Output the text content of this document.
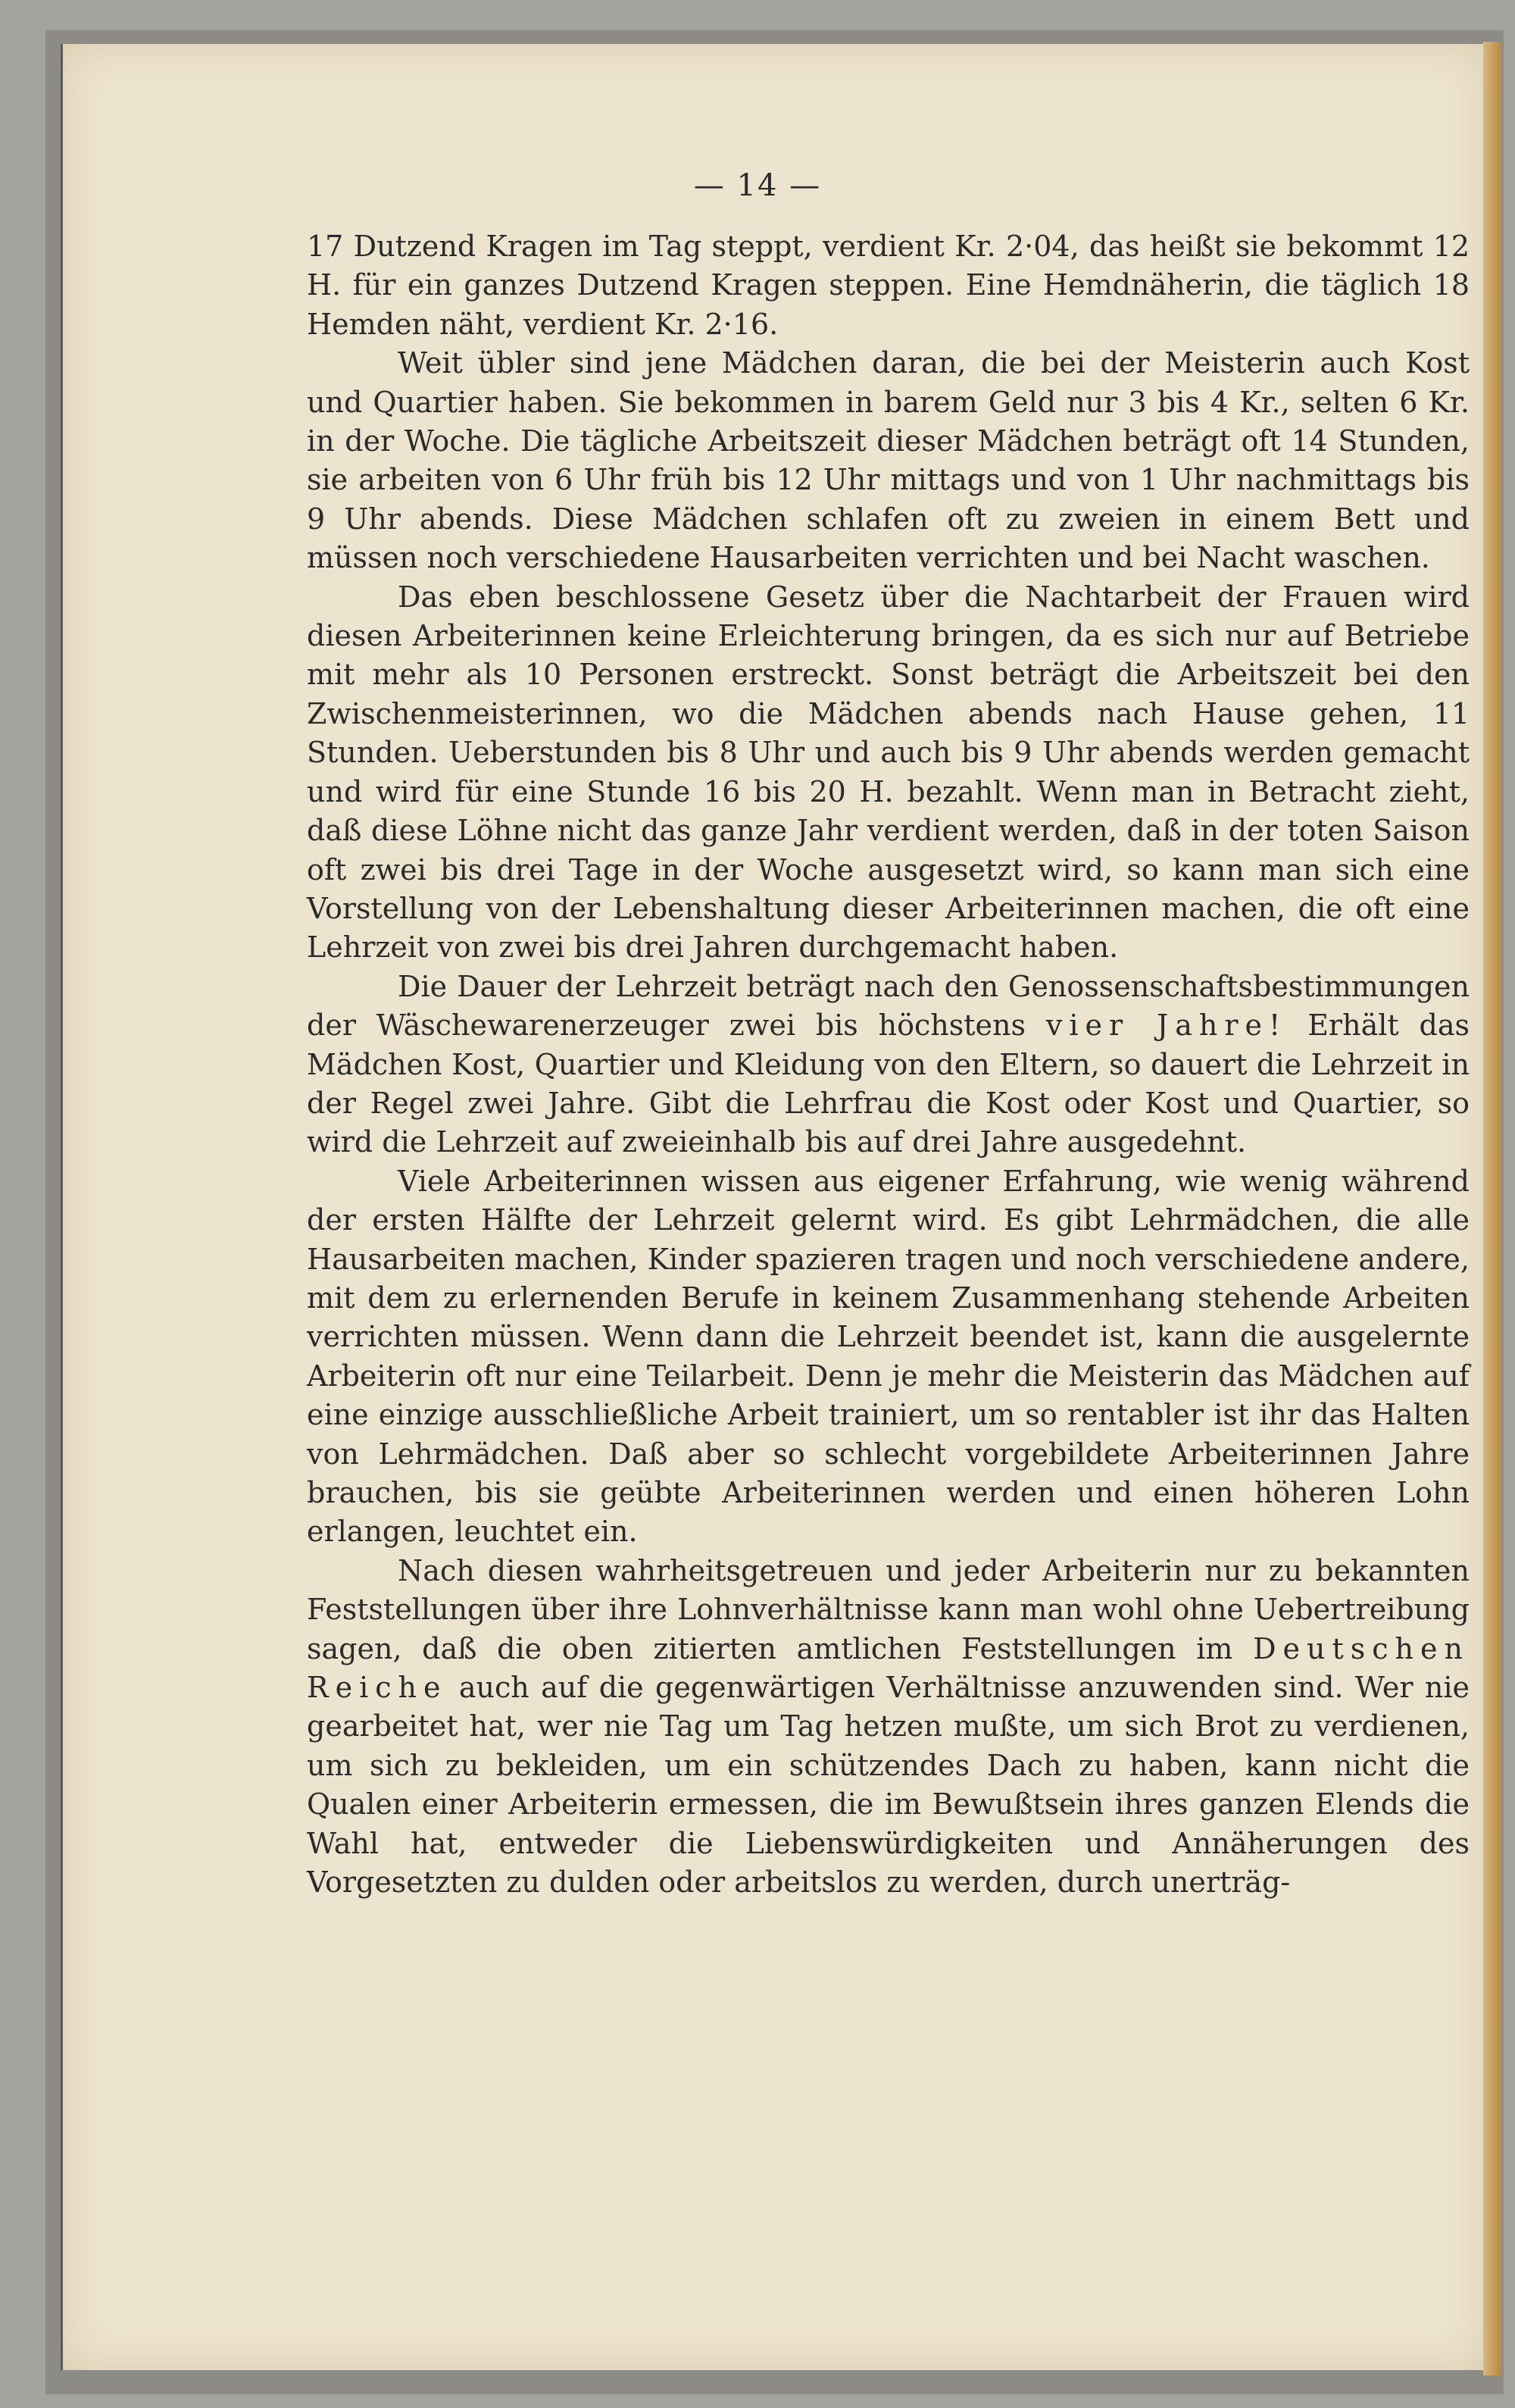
— 14 —

17 Dutzend Kragen im Tag steppt, verdient Kr. 2·04, das heißt sie bekommt 12 H. für ein ganzes Dutzend Kragen steppen. Eine Hemdnäherin, die täglich 18 Hemden näht, verdient Kr. 2·16.

Weit übler sind jene Mädchen daran, die bei der Meisterin auch Kost und Quartier haben. Sie bekommen in barem Geld nur 3 bis 4 Kr., selten 6 Kr. in der Woche. Die tägliche Arbeitszeit dieser Mädchen beträgt oft 14 Stunden, sie arbeiten von 6 Uhr früh bis 12 Uhr mittags und von 1 Uhr nachmittags bis 9 Uhr abends. Diese Mädchen schlafen oft zu zweien in einem Bett und müssen noch verschiedene Hausarbeiten verrichten und bei Nacht waschen.

Das eben beschlossene Gesetz über die Nachtarbeit der Frauen wird diesen Arbeiterinnen keine Erleichterung bringen, da es sich nur auf Betriebe mit mehr als 10 Personen erstreckt. Sonst beträgt die Arbeitszeit bei den Zwischenmeisterinnen, wo die Mädchen abends nach Hause gehen, 11 Stunden. Ueberstunden bis 8 Uhr und auch bis 9 Uhr abends werden gemacht und wird für eine Stunde 16 bis 20 H. bezahlt. Wenn man in Betracht zieht, daß diese Löhne nicht das ganze Jahr verdient werden, daß in der toten Saison oft zwei bis drei Tage in der Woche ausgesetzt wird, so kann man sich eine Vorstellung von der Lebenshaltung dieser Arbeiterinnen machen, die oft eine Lehrzeit von zwei bis drei Jahren durchgemacht haben.

Die Dauer der Lehrzeit beträgt nach den Genossenschaftsbestimmungen der Wäschewarenerzeuger zwei bis höchstens vier Jahre! Erhält das Mädchen Kost, Quartier und Kleidung von den Eltern, so dauert die Lehrzeit in der Regel zwei Jahre. Gibt die Lehrfrau die Kost oder Kost und Quartier, so wird die Lehrzeit auf zweieinhalb bis auf drei Jahre ausgedehnt.

Viele Arbeiterinnen wissen aus eigener Erfahrung, wie wenig während der ersten Hälfte der Lehrzeit gelernt wird. Es gibt Lehrmädchen, die alle Hausarbeiten machen, Kinder spazieren tragen und noch verschiedene andere, mit dem zu erlernenden Berufe in keinem Zusammenhang stehende Arbeiten verrichten müssen. Wenn dann die Lehrzeit beendet ist, kann die ausgelernte Arbeiterin oft nur eine Teilarbeit. Denn je mehr die Meisterin das Mädchen auf eine einzige ausschließliche Arbeit trainiert, um so rentabler ist ihr das Halten von Lehrmädchen. Daß aber so schlecht vorgebildete Arbeiterinnen Jahre brauchen, bis sie geübte Arbeiterinnen werden und einen höheren Lohn erlangen, leuchtet ein.

Nach diesen wahrheitsgetreuen und jeder Arbeiterin nur zu bekannten Feststellungen über ihre Lohnverhältnisse kann man wohl ohne Uebertreibung sagen, daß die oben zitierten amtlichen Feststellungen im Deutschen Reiche auch auf die gegenwärtigen Verhältnisse anzuwenden sind. Wer nie gearbeitet hat, wer nie Tag um Tag hetzen mußte, um sich Brot zu verdienen, um sich zu bekleiden, um ein schützendes Dach zu haben, kann nicht die Qualen einer Arbeiterin ermessen, die im Bewußtsein ihres ganzen Elends die Wahl hat, entweder die Liebenswürdigkeiten und Annäherungen des Vorgesetzten zu dulden oder arbeitslos zu werden, durch unerträg-
